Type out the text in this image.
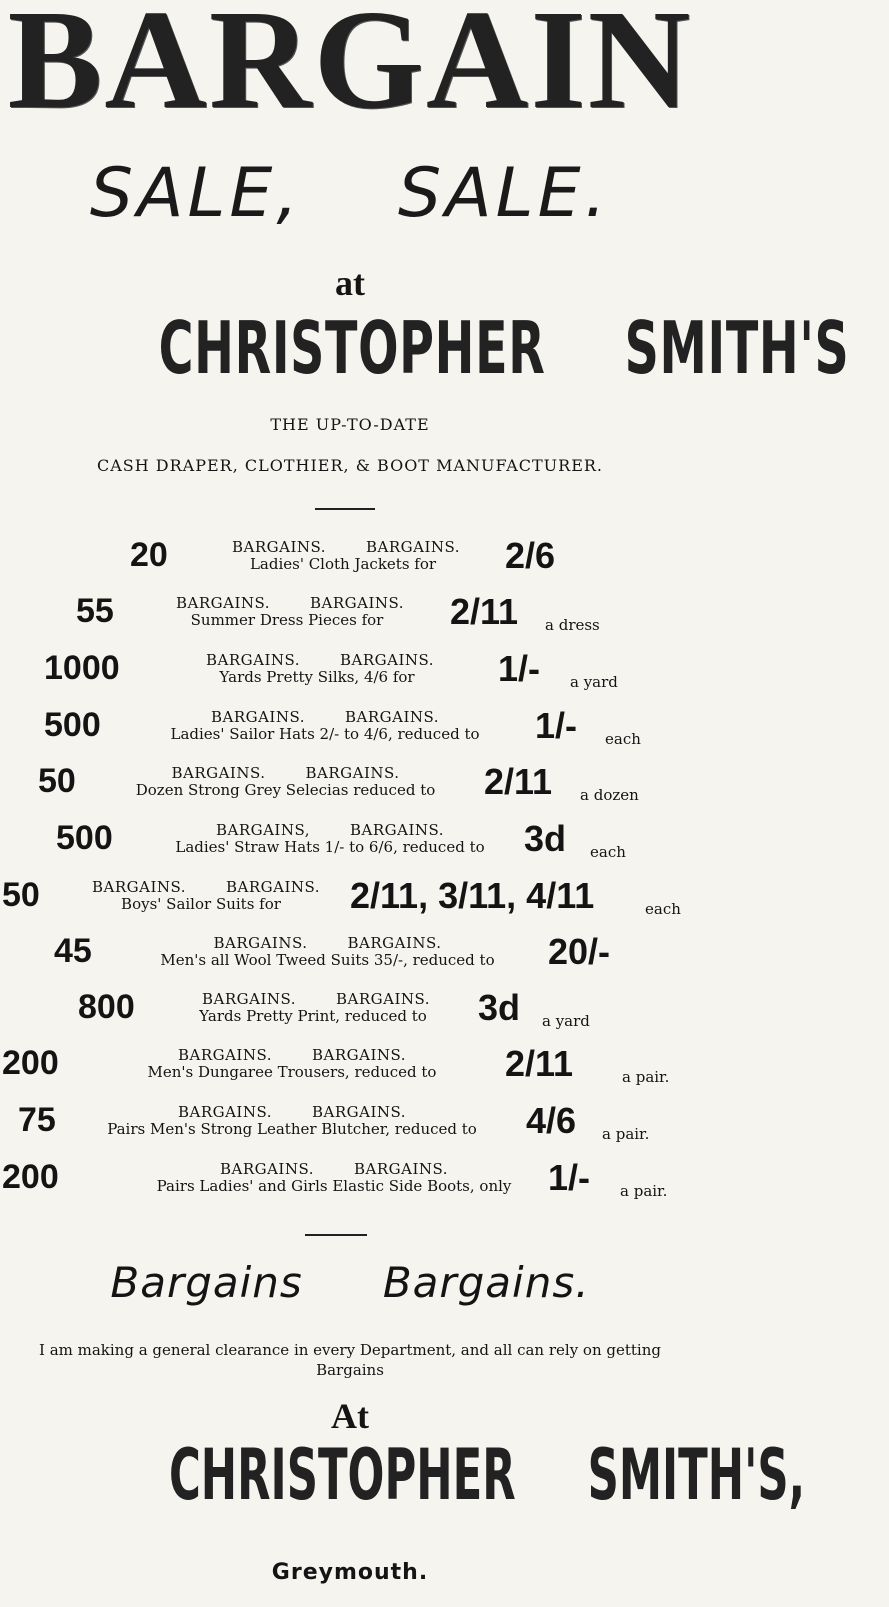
BARGAIN
SALE, SALE.
at
CHRISTOPHER SMITH'S
THE UP-TO-DATE
CASH DRAPER, CLOTHIER, & BOOT MANUFACTURER.
20	BARGAINS.	BARGAINS.
Ladies' Cloth Jackets for	2/6
55	BARGAINS.	BARGAINS.
Summer Dress Pieces for	2/11 a dress
1000	BARGAINS.	BARGAINS.
Yards Pretty Silks, 4/6 for	1/- a yard
500	BARGAINS.	BARGAINS.
Ladies' Sailor Hats 2/- to 4/6, reduced to	1/- each
50	BARGAINS.	BARGAINS.
Dozen Strong Grey Selecias reduced to	2/11 a dozen
500	BARGAINS,	BARGAINS.
Ladies' Straw Hats 1/- to 6/6, reduced to	3d each
50	BARGAINS.	BARGAINS.
Boys' Sailor Suits for	2/11, 3/11, 4/11	each
45	BARGAINS.	BARGAINS.
Men's all Wool Tweed Suits 35/-, reduced to	20/-
800	BARGAINS.	BARGAINS.
Yards Pretty Print, reduced to	3d a yard
200	BARGAINS.	BARGAINS.
Men's Dungaree Trousers, reduced to	2/11	a pair.
75	BARGAINS.	BARGAINS.
Pairs Men's Strong Leather Blutcher, reduced to	4/6 a pair.
200	BARGAINS.	BARGAINS.
Pairs Ladies' and Girls Elastic Side Boots, only	1/- a pair.
Bargains Bargains.
I am making a general clearance in every Department, and all can rely on getting Bargains
At
CHRISTOPHER SMITH'S,
Greymouth.
